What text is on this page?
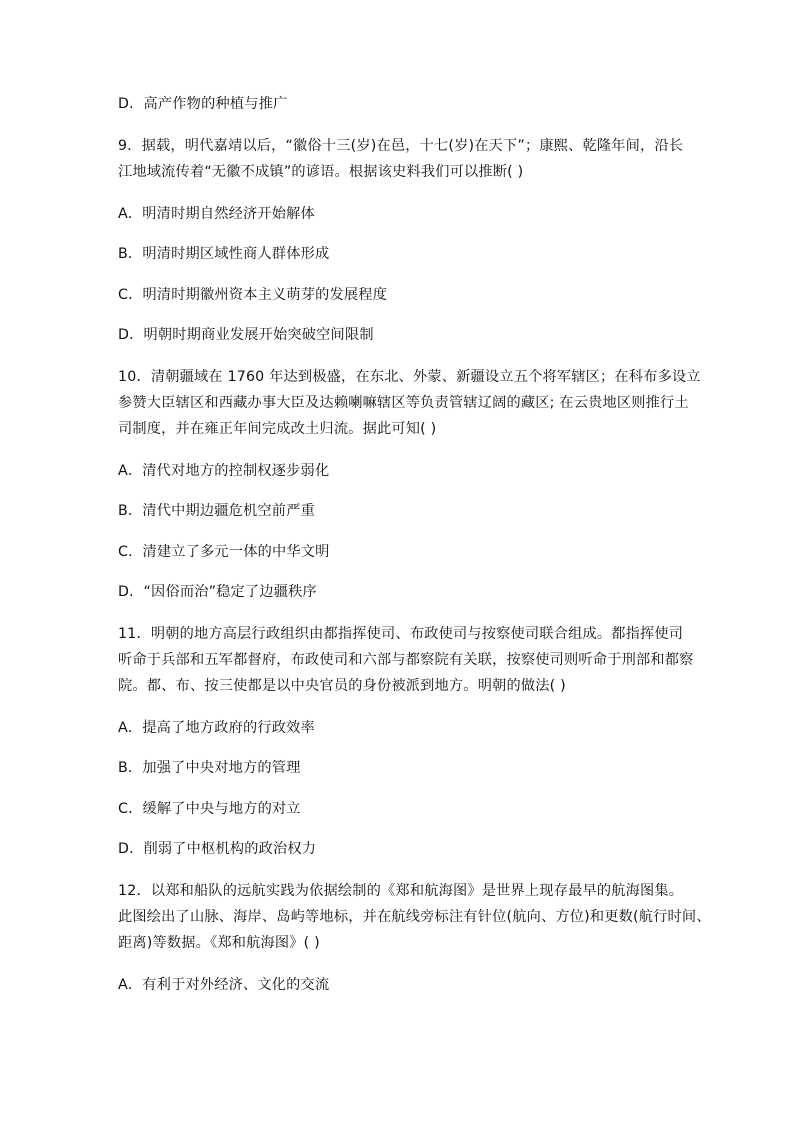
D．高产作物的种植与推广
9．据载，明代嘉靖以后，“徽俗十三(岁)在邑，十七(岁)在天下”；康熙、乾隆年间，沿长
江地域流传着“无徽不成镇”的谚语。根据该史料我们可以推断( )
A．明清时期自然经济开始解体
B．明清时期区域性商人群体形成
C．明清时期徽州资本主义萌芽的发展程度
D．明朝时期商业发展开始突破空间限制
10．清朝疆域在 1760 年达到极盛，在东北、外蒙、新疆设立五个将军辖区；在科布多设立
参赞大臣辖区和西藏办事大臣及达赖喇嘛辖区等负责管辖辽阔的藏区; 在云贵地区则推行土
司制度，并在雍正年间完成改土归流。据此可知( )
A．清代对地方的控制权逐步弱化
B．清代中期边疆危机空前严重
C．清建立了多元一体的中华文明
D．“因俗而治”稳定了边疆秩序
11．明朝的地方高层行政组织由都指挥使司、布政使司与按察使司联合组成。都指挥使司
听命于兵部和五军都督府，布政使司和六部与都察院有关联，按察使司则听命于刑部和都察
院。都、布、按三使都是以中央官员的身份被派到地方。明朝的做法( )
A．提高了地方政府的行政效率
B．加强了中央对地方的管理
C．缓解了中央与地方的对立
D．削弱了中枢机构的政治权力
12．以郑和船队的远航实践为依据绘制的《郑和航海图》是世界上现存最早的航海图集。
此图绘出了山脉、海岸、岛屿等地标，并在航线旁标注有针位(航向、方位)和更数(航行时间、
距离)等数据。《郑和航海图》( )
A．有利于对外经济、文化的交流
